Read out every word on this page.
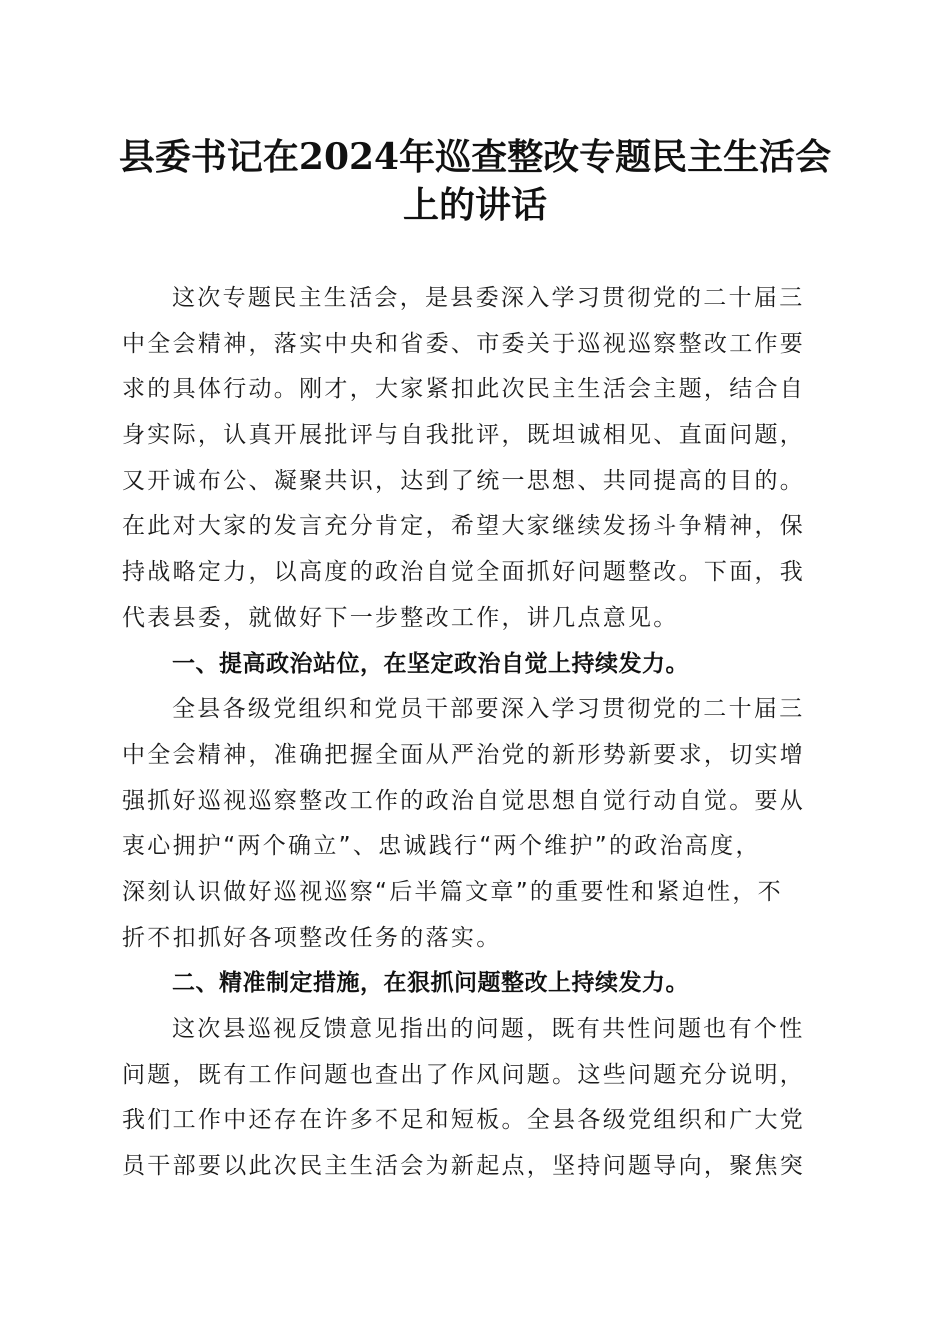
县委书记在2024年巡查整改专题民主生活会
上的讲话
这次专题民主生活会，是县委深入学习贯彻党的二十届三
中全会精神，落实中央和省委、市委关于巡视巡察整改工作要
求的具体行动。刚才，大家紧扣此次民主生活会主题，结合自
身实际，认真开展批评与自我批评，既坦诚相见、直面问题，
又开诚布公、凝聚共识，达到了统一思想、共同提高的目的。
在此对大家的发言充分肯定，希望大家继续发扬斗争精神，保
持战略定力，以高度的政治自觉全面抓好问题整改。下面，我
代表县委，就做好下一步整改工作，讲几点意见。
一、提高政治站位，在坚定政治自觉上持续发力。
全县各级党组织和党员干部要深入学习贯彻党的二十届三
中全会精神，准确把握全面从严治党的新形势新要求，切实增
强抓好巡视巡察整改工作的政治自觉思想自觉行动自觉。要从
衷心拥护“两个确立”、忠诚践行“两个维护”的政治高度，
深刻认识做好巡视巡察“后半篇文章”的重要性和紧迫性，不
折不扣抓好各项整改任务的落实。
二、精准制定措施，在狠抓问题整改上持续发力。
这次县巡视反馈意见指出的问题，既有共性问题也有个性
问题，既有工作问题也查出了作风问题。这些问题充分说明，
我们工作中还存在许多不足和短板。全县各级党组织和广大党
员干部要以此次民主生活会为新起点，坚持问题导向，聚焦突
